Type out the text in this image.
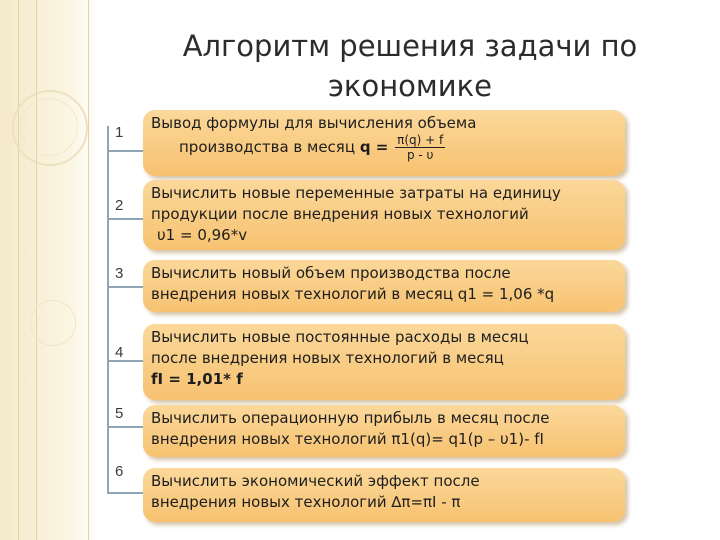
Алгоритм решения задачи по
экономике
1
2
3
4
5
6
Вывод формулы для вычисления объема
производства в месяц $q = \frac{\pi(q) + f}{p - \upsilon}$
Вычислить новые переменные затраты на единицу
продукции после внедрения новых технологий
υ1 = 0,96*v
Вычислить новый объем производства после
внедрения новых технологий в месяц q1 = 1,06 *q
Вычислить новые постоянные расходы в месяц
после внедрения новых технологий в месяц
fI = 1,01* f
Вычислить операционную прибыль в месяц после
внедрения новых технологий π1(q)= q1(p – υ1)- fI
Вычислить экономический эффект после
внедрения новых технологий ∆π=πI - π
